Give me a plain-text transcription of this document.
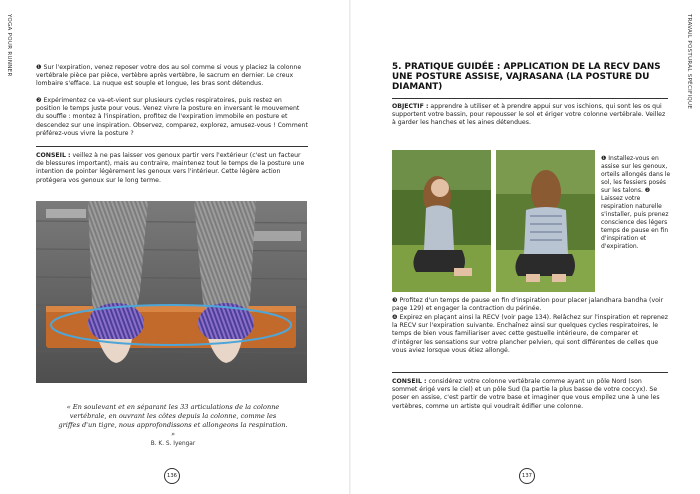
YOGA POUR RUNNER	❶ Sur l'expiration, venez reposer votre dos au sol comme si vous y placiez la colonne vertébrale pièce par pièce, vertèbre après vertèbre, le sacrum en dernier. Le creux lombaire s'efface. La nuque est souple et longue, les bras sont détendus.
❷ Expérimentez ce va-et-vient sur plusieurs cycles respiratoires, puis restez en position le temps juste pour vous. Venez vivre la posture en inversant le mouvement du souffle : montez à l'inspiration, profitez de l'expiration immobile en posture et descendez sur une inspiration. Observez, comparez, explorez, amusez-vous ! Comment préférez-vous vivre la posture ?
CONSEIL : veillez à ne pas laisser vos genoux partir vers l'extérieur (c'est un facteur de blessures important), mais au contraire, maintenez tout le temps de la posture une intention de pointer légèrement les genoux vers l'intérieur. Cette légère action protégera vos genoux sur le long terme.
« En soulevant et en séparant les 33 articulations de la colonne vertébrale, en ouvrant les côtes depuis la colonne, comme les griffes d'un tigre, nous approfondissons et allongeons la respiration. »
B. K. S. Iyengar
136
TRAVAIL POSTURAL SPÉCIFIQUE
5. PRATIQUE GUIDÉE : APPLICATION DE LA RECV DANS UNE POSTURE ASSISE, VAJRASANA (LA POSTURE DU DIAMANT)
OBJECTIF : apprendre à utiliser et à prendre appui sur vos ischions, qui sont les os qui supportent votre bassin, pour repousser le sol et ériger votre colonne vertébrale. Veillez à garder les hanches et les aines détendues.
❶ Installez-vous en assise sur les genoux, orteils allongés dans le sol, les fessiers posés sur les talons. ❷ Laissez votre respiration naturelle s'installer, puis prenez conscience des légers temps de pause en fin d'inspiration et d'expiration.
❸ Profitez d'un temps de pause en fin d'inspiration pour placer jalandhara bandha (voir page 129) et engager la contraction du périnée.
❹ Expirez en plaçant ainsi la RECV (voir page 134). Relâchez sur l'inspiration et reprenez la RECV sur l'expiration suivante. Enchaînez ainsi sur quelques cycles respiratoires, le temps de bien vous familiariser avec cette gestuelle intérieure, de comparer et d'intégrer les sensations sur votre plancher pelvien, qui sont différentes de celles que vous aviez lorsque vous étiez allongé.
CONSEIL : considérez votre colonne vertébrale comme ayant un pôle Nord (son sommet érigé vers le ciel) et un pôle Sud (la partie la plus basse de votre coccyx). Se poser en assise, c'est partir de votre base et imaginer que vous empilez une à une les vertèbres, comme un artiste qui voudrait édifier une colonne.
137
